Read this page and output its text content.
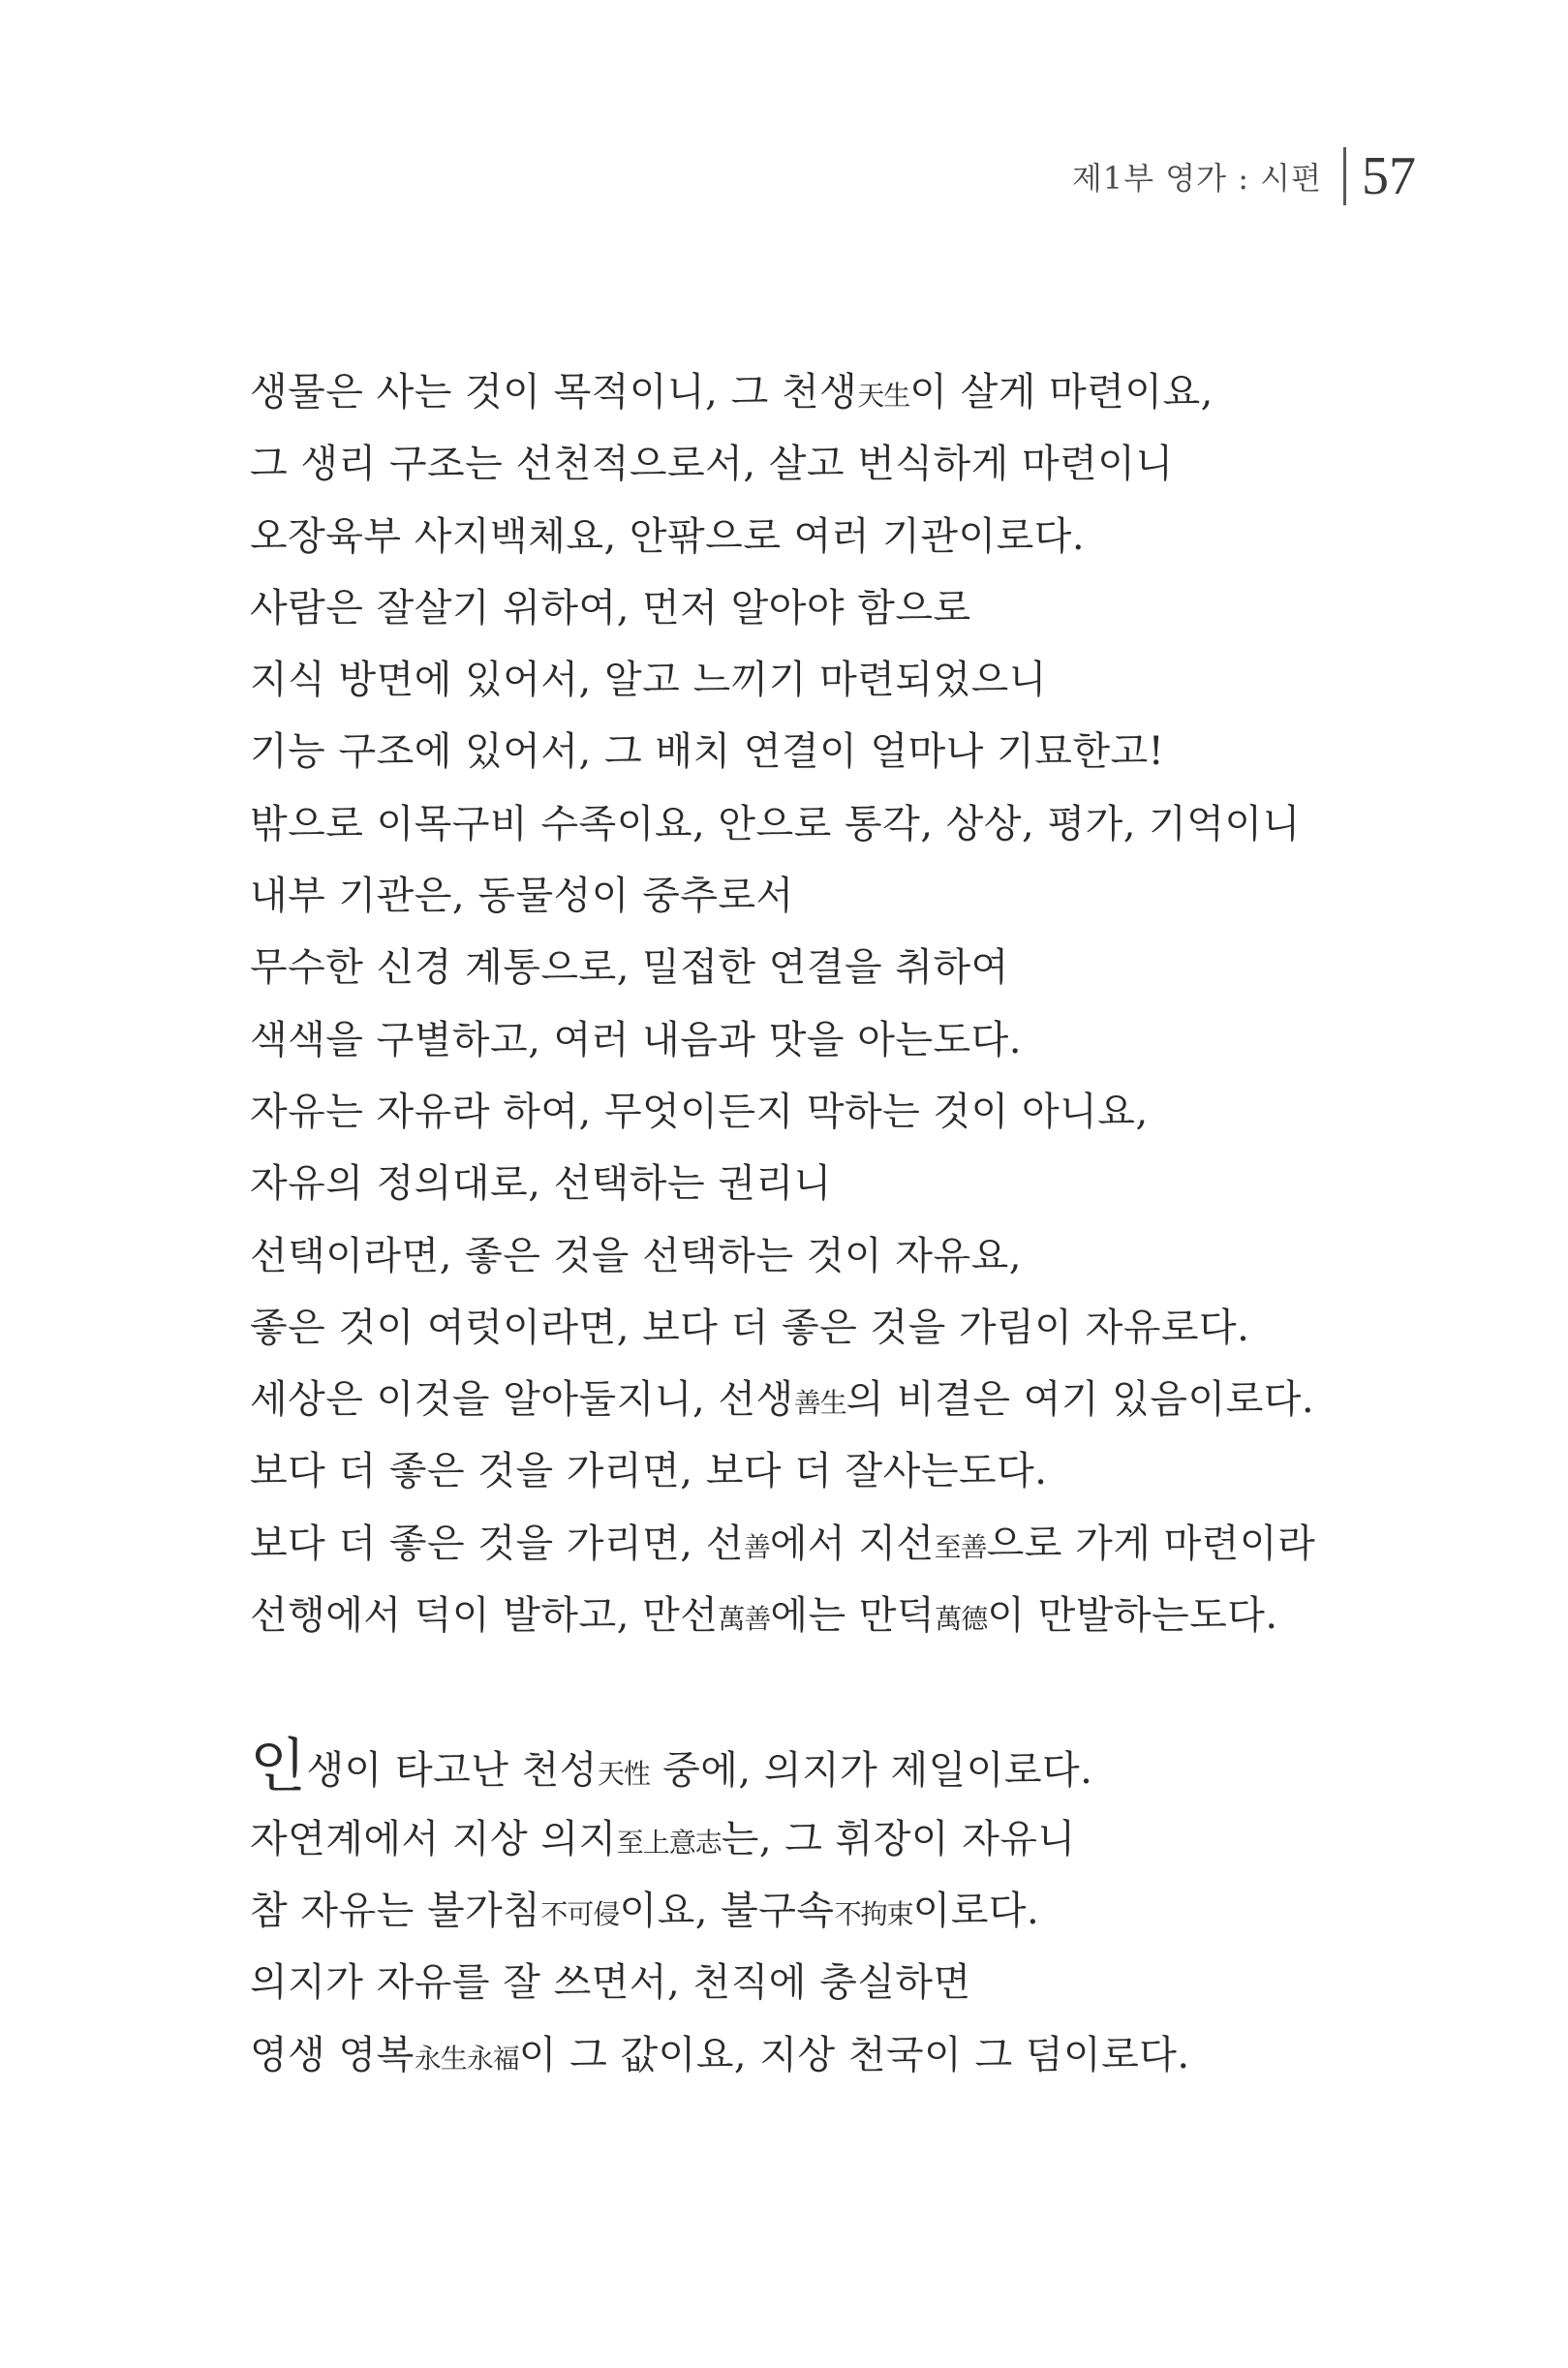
제1부 영가 : 시편 57

생물은 사는 것이 목적이니, 그 천생天生이 살게 마련이요,

그 생리 구조는 선천적으로서, 살고 번식하게 마련이니

오장육부 사지백체요, 안팎으로 여러 기관이로다.

사람은 잘살기 위하여, 먼저 알아야 함으로

지식 방면에 있어서, 알고 느끼기 마련되었으니

기능 구조에 있어서, 그 배치 연결이 얼마나 기묘한고!

밖으로 이목구비 수족이요, 안으로 통각, 상상, 평가, 기억이니

내부 기관은, 동물성이 중추로서

무수한 신경 계통으로, 밀접한 연결을 취하여

색색을 구별하고, 여러 내음과 맛을 아는도다.

자유는 자유라 하여, 무엇이든지 막하는 것이 아니요,

자유의 정의대로, 선택하는 권리니

선택이라면, 좋은 것을 선택하는 것이 자유요,

좋은 것이 여럿이라면, 보다 더 좋은 것을 가림이 자유로다.

세상은 이것을 알아둘지니, 선생善生의 비결은 여기 있음이로다.

보다 더 좋은 것을 가리면, 보다 더 잘사는도다.

보다 더 좋은 것을 가리면, 선善에서 지선至善으로 가게 마련이라

선행에서 덕이 발하고, 만선萬善에는 만덕萬德이 만발하는도다.

인생이 타고난 천성天性 중에, 의지가 제일이로다.

자연계에서 지상 의지至上意志는, 그 휘장이 자유니

참 자유는 불가침不可侵이요, 불구속不拘束이로다.

의지가 자유를 잘 쓰면서, 천직에 충실하면

영생 영복永生永福이 그 값이요, 지상 천국이 그 덤이로다.
